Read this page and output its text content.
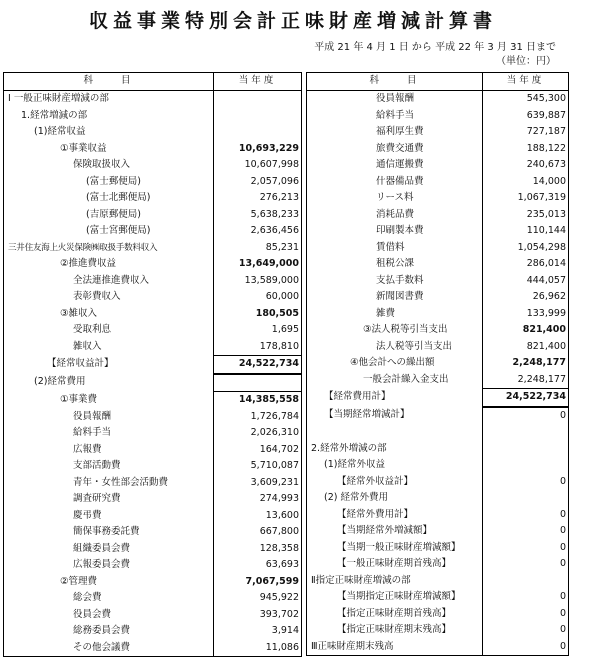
収益事業特別会計正味財産増減計算書
平成 21 年 4 月 1 日 から 平成 22 年 3 月 31 日まで
（単位：円）
科　　目	当年度
Ⅰ 一般正味財産増減の部	
1.経常増減の部	
(1)経常収益	
①事業収益	10,693,229
保険取扱収入	10,607,998
(富士郵便局)	2,057,096
(富士北郵便局)	276,213
(吉原郵便局)	5,638,233
(富士宮郵便局)	2,636,456
三井住友海上火災保険㈱取扱手数料収入	85,231
②推進費収益	13,649,000
全法連推進費収入	13,589,000
表彰費収入	60,000
③雑収入	180,505
受取利息	1,695
雑収入	178,810
【経常収益計】	24,522,734
(2)経常費用	
①事業費	14,385,558
役員報酬	1,726,784
給料手当	2,026,310
広報費	164,702
支部活動費	5,710,087
青年・女性部会活動費	3,609,231
調査研究費	274,993
慶弔費	13,600
簡保事務委託費	667,800
組織委員会費	128,358
広報委員会費	63,693
②管理費	7,067,599
総会費	945,922
役員会費	393,702
総務委員会費	3,914
その他会議費	11,086
科　　目	当年度
役員報酬	545,300
給料手当	639,887
福利厚生費	727,187
旅費交通費	188,122
通信運搬費	240,673
什器備品費	14,000
リース料	1,067,319
消耗品費	235,013
印刷製本費	110,144
賃借料	1,054,298
租税公課	286,014
支払手数料	444,057
新聞図書費	26,962
雑費	133,999
③法人税等引当支出	821,400
法人税等引当支出	821,400
④他会計への繰出額	2,248,177
一般会計繰入金支出	2,248,177
【経常費用計】	24,522,734
【当期経常増減計】	0

2.経常外増減の部	
(1)経常外収益	
【経常外収益計】	0
(2) 経常外費用	
【経常外費用計】	0
【当期経常外増減額】	0
【当期一般正味財産増減額】	0
【一般正味財産期首残高】	0
Ⅱ指定正味財産増減の部	
【当期指定正味財産増減額】	0
【指定正味財産期首残高】	0
【指定正味財産期末残高】	0
Ⅲ正味財産期末残高	0
